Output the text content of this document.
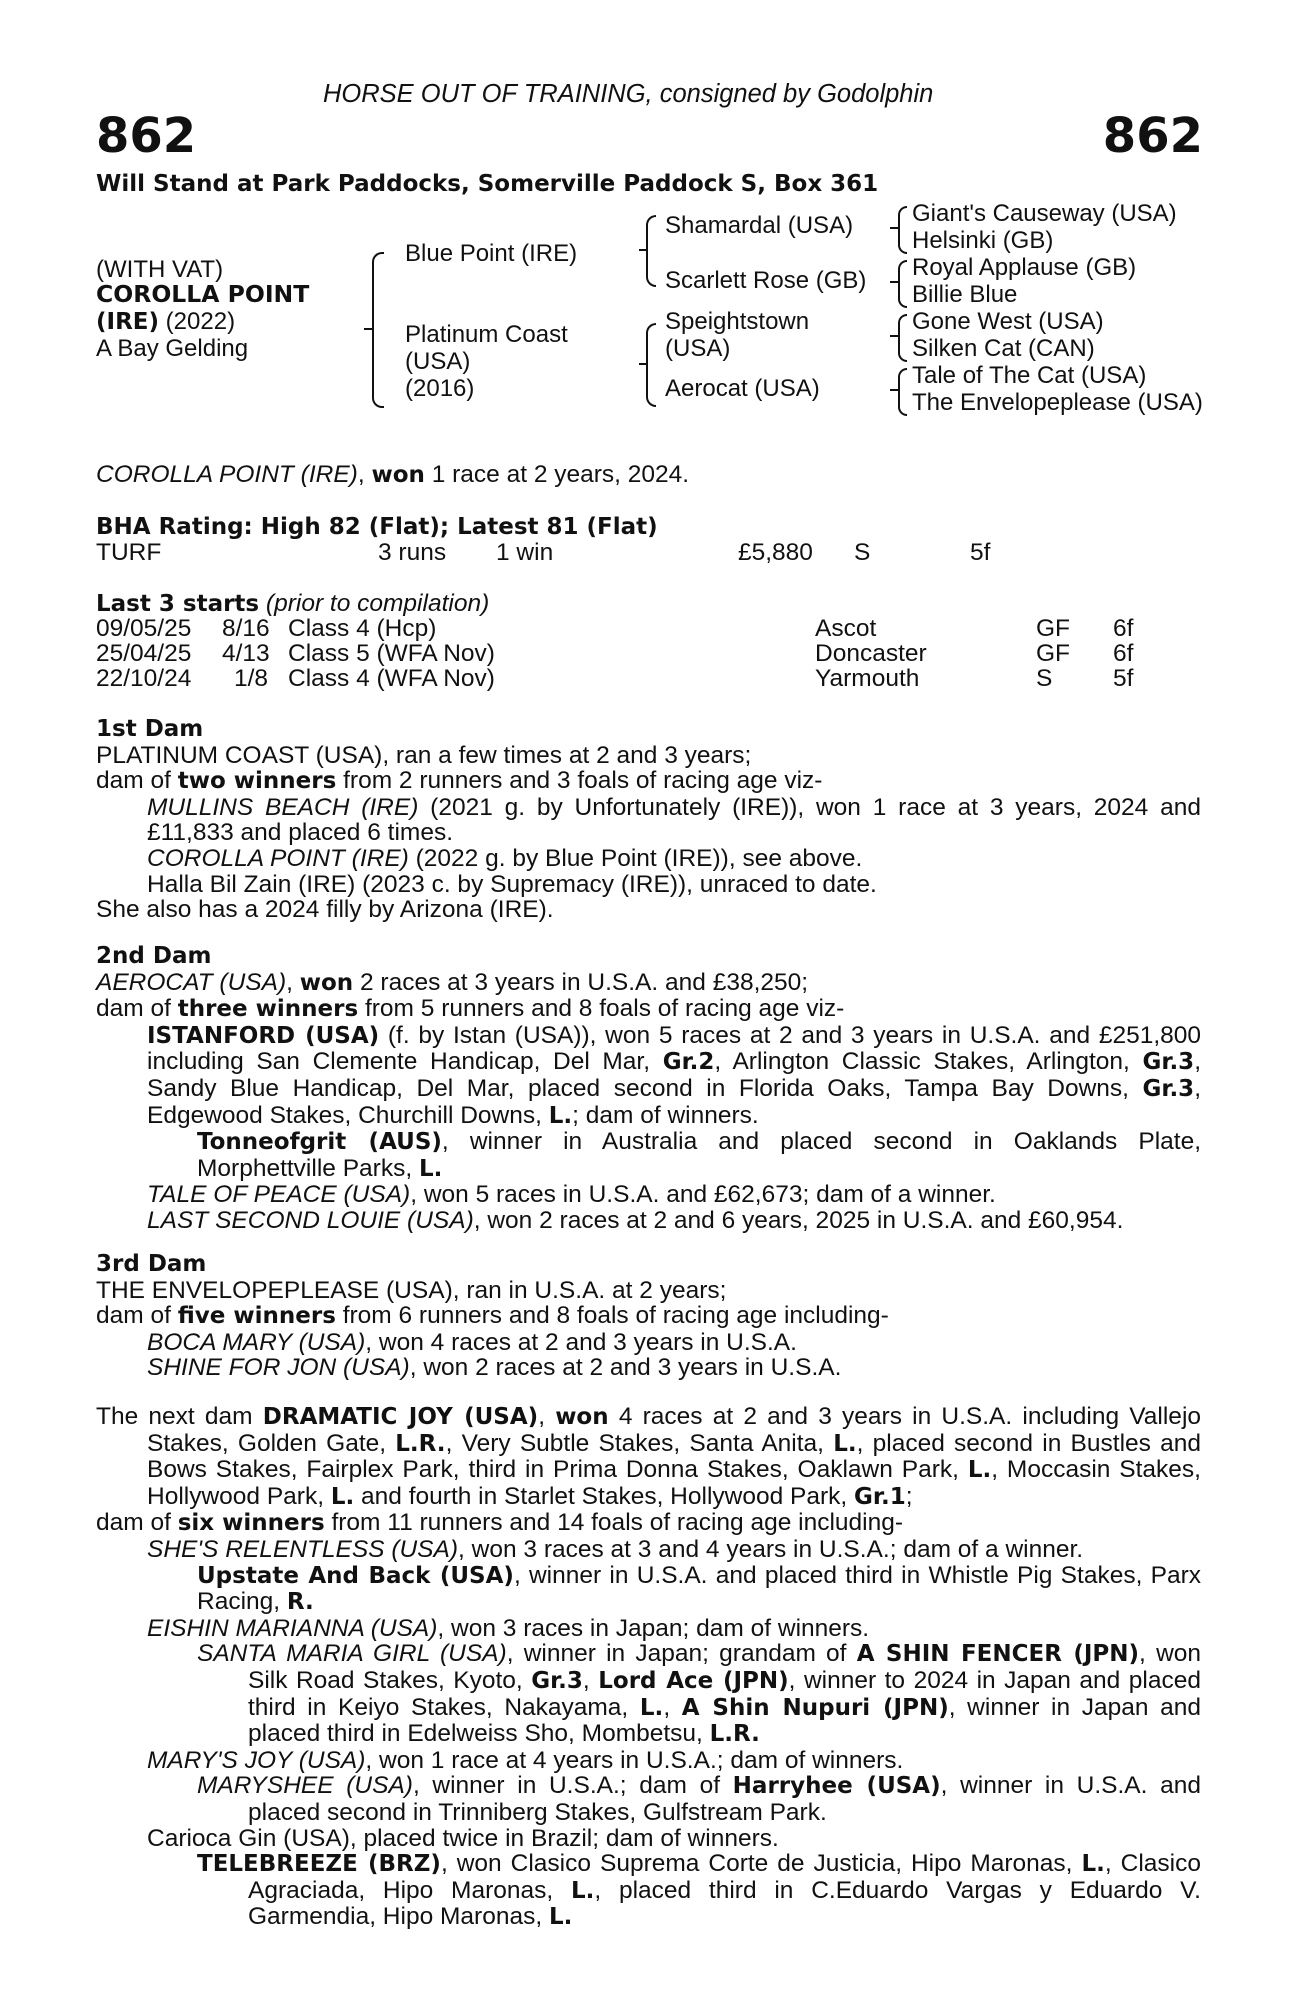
HORSE OUT OF TRAINING, consigned by Godolphin
862	862
Will Stand at Park Paddocks, Somerville Paddock S, Box 361
(WITH VAT)
COROLLA POINT
(IRE) (2022)
A Bay Gelding
Blue Point (IRE)
Platinum Coast
(USA)
(2016)
Shamardal (USA)
Scarlett Rose (GB)
Speightstown
(USA)
Aerocat (USA)
Giant's Causeway (USA)
Helsinki (GB)
Royal Applause (GB)
Billie Blue
Gone West (USA)
Silken Cat (CAN)
Tale of The Cat (USA)
The Envelopeplease (USA)
COROLLA POINT (IRE), won 1 race at 2 years, 2024.
BHA Rating: High 82 (Flat); Latest 81 (Flat)
TURF	3 runs 1 win	£5,880 S	5f
Last 3 starts (prior to compilation)
09/05/25 8/16 Class 4 (Hcp)	Ascot	GF 6f
25/04/25 4/13 Class 5 (WFA Nov)	Doncaster	GF 6f
22/10/24 1/8 Class 4 (WFA Nov)	Yarmouth	S 5f
1st Dam
PLATINUM COAST (USA), ran a few times at 2 and 3 years;
dam of two winners from 2 runners and 3 foals of racing age viz-
MULLINS BEACH (IRE) (2021 g. by Unfortunately (IRE)), won 1 race at 3 years, 2024 and £11,833 and placed 6 times.
COROLLA POINT (IRE) (2022 g. by Blue Point (IRE)), see above.
Halla Bil Zain (IRE) (2023 c. by Supremacy (IRE)), unraced to date.
She also has a 2024 filly by Arizona (IRE).
2nd Dam
AEROCAT (USA), won 2 races at 3 years in U.S.A. and £38,250;
dam of three winners from 5 runners and 8 foals of racing age viz-
ISTANFORD (USA) (f. by Istan (USA)), won 5 races at 2 and 3 years in U.S.A. and £251,800 including San Clemente Handicap, Del Mar, Gr.2, Arlington Classic Stakes, Arlington, Gr.3, Sandy Blue Handicap, Del Mar, placed second in Florida Oaks, Tampa Bay Downs, Gr.3, Edgewood Stakes, Churchill Downs, L.; dam of winners.
Tonneofgrit (AUS), winner in Australia and placed second in Oaklands Plate, Morphettville Parks, L.
TALE OF PEACE (USA), won 5 races in U.S.A. and £62,673; dam of a winner.
LAST SECOND LOUIE (USA), won 2 races at 2 and 6 years, 2025 in U.S.A. and £60,954.
3rd Dam
THE ENVELOPEPLEASE (USA), ran in U.S.A. at 2 years;
dam of five winners from 6 runners and 8 foals of racing age including-
BOCA MARY (USA), won 4 races at 2 and 3 years in U.S.A.
SHINE FOR JON (USA), won 2 races at 2 and 3 years in U.S.A.
The next dam DRAMATIC JOY (USA), won 4 races at 2 and 3 years in U.S.A. including Vallejo Stakes, Golden Gate, L.R., Very Subtle Stakes, Santa Anita, L., placed second in Bustles and Bows Stakes, Fairplex Park, third in Prima Donna Stakes, Oaklawn Park, L., Moccasin Stakes, Hollywood Park, L. and fourth in Starlet Stakes, Hollywood Park, Gr.1;
dam of six winners from 11 runners and 14 foals of racing age including-
SHE'S RELENTLESS (USA), won 3 races at 3 and 4 years in U.S.A.; dam of a winner.
Upstate And Back (USA), winner in U.S.A. and placed third in Whistle Pig Stakes, Parx Racing, R.
EISHIN MARIANNA (USA), won 3 races in Japan; dam of winners.
SANTA MARIA GIRL (USA), winner in Japan; grandam of A SHIN FENCER (JPN), won Silk Road Stakes, Kyoto, Gr.3, Lord Ace (JPN), winner to 2024 in Japan and placed third in Keiyo Stakes, Nakayama, L., A Shin Nupuri (JPN), winner in Japan and placed third in Edelweiss Sho, Mombetsu, L.R.
MARY'S JOY (USA), won 1 race at 4 years in U.S.A.; dam of winners.
MARYSHEE (USA), winner in U.S.A.; dam of Harryhee (USA), winner in U.S.A. and placed second in Trinniberg Stakes, Gulfstream Park.
Carioca Gin (USA), placed twice in Brazil; dam of winners.
TELEBREEZE (BRZ), won Clasico Suprema Corte de Justicia, Hipo Maronas, L., Clasico Agraciada, Hipo Maronas, L., placed third in C.Eduardo Vargas y Eduardo V. Garmendia, Hipo Maronas, L.
